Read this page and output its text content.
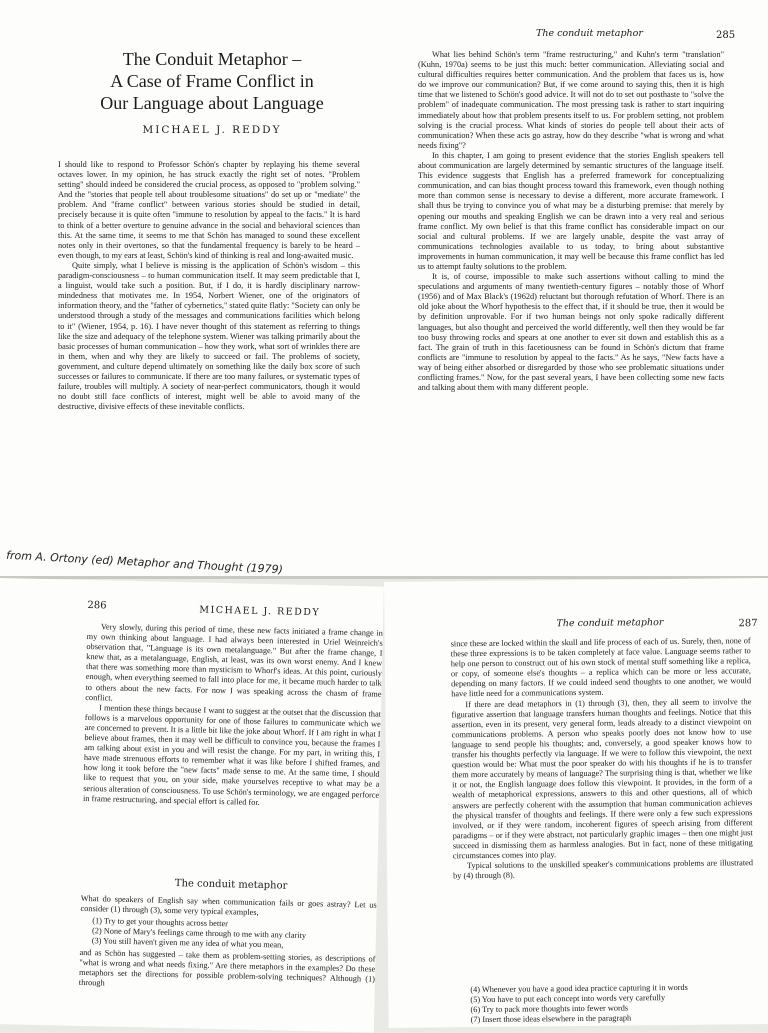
The Conduit Metaphor –
A Case of Frame Conflict in
Our Language about Language
MICHAEL J. REDDY

I should like to respond to Professor Schön's chapter by replaying his theme several octaves lower. In my opinion, he has struck exactly the right set of notes. "Problem setting" should indeed be considered the crucial process, as opposed to "problem solving." And the "stories that people tell about troublesome situations" do set up or "mediate" the problem. And "frame conflict" between various stories should be studied in detail, precisely because it is quite often "immune to resolution by appeal to the facts." It is hard to think of a better overture to genuine advance in the social and behavioral sciences than this. At the same time, it seems to me that Schön has managed to sound these excellent notes only in their overtones, so that the fundamental frequency is barely to be heard – even though, to my ears at least, Schön's kind of thinking is real and long-awaited music.

Quite simply, what I believe is missing is the application of Schön's wisdom – this paradigm-consciousness – to human communication itself. It may seem predictable that I, a linguist, would take such a position. But, if I do, it is hardly disciplinary narrow-mindedness that motivates me. In 1954, Norbert Wiener, one of the originators of information theory, and the "father of cybernetics," stated quite flatly: "Society can only be understood through a study of the messages and communications facilities which belong to it" (Wiener, 1954, p. 16). I have never thought of this statement as referring to things like the size and adequacy of the telephone system. Wiener was talking primarily about the basic processes of human communication – how they work, what sort of wrinkles there are in them, when and why they are likely to succeed or fail. The problems of society, government, and culture depend ultimately on something like the daily box score of such successes or failures to communicate. If there are too many failures, or systematic types of failure, troubles will multiply. A society of near-perfect communicators, though it would no doubt still face conflicts of interest, might well be able to avoid many of the destructive, divisive effects of these inevitable conflicts.

from A. Ortony (ed) Metaphor and Thought (1979)
The conduit metaphor	285

What lies behind Schön's term "frame restructuring," and Kuhn's term "translation" (Kuhn, 1970a) seems to be just this much: better communication. Alleviating social and cultural difficulties requires better communication. And the problem that faces us is, how do we improve our communication? But, if we come around to saying this, then it is high time that we listened to Schön's good advice. It will not do to set out posthaste to "solve the problem" of inadequate communication. The most pressing task is rather to start inquiring immediately about how that problem presents itself to us. For problem setting, not problem solving is the crucial process. What kinds of stories do people tell about their acts of communication? When these acts go astray, how do they describe "what is wrong and what needs fixing"?

In this chapter, I am going to present evidence that the stories English speakers tell about communication are largely determined by semantic structures of the language itself. This evidence suggests that English has a preferred framework for conceptualizing communication, and can bias thought process toward this framework, even though nothing more than common sense is necessary to devise a different, more accurate framework. I shall thus be trying to convince you of what may be a disturbing premise: that merely by opening our mouths and speaking English we can be drawn into a very real and serious frame conflict. My own belief is that this frame conflict has considerable impact on our social and cultural problems. If we are largely unable, despite the vast array of communications technologies available to us today, to bring about substantive improvements in human communication, it may well be because this frame conflict has led us to attempt faulty solutions to the problem.

It is, of course, impossible to make such assertions without calling to mind the speculations and arguments of many twentieth-century figures – notably those of Whorf (1956) and of Max Black's (1962d) reluctant but thorough refutation of Whorf. There is an old joke about the Whorf hypothesis to the effect that, if it should be true, then it would be by definition unprovable. For if two human beings not only spoke radically different languages, but also thought and perceived the world differently, well then they would be far too busy throwing rocks and spears at one another to ever sit down and establish this as a fact. The grain of truth in this facetiousness can be found in Schön's dictum that frame conflicts are "immune to resolution by appeal to the facts." As he says, "New facts have a way of being either absorbed or disregarded by those who see problematic situations under conflicting frames." Now, for the past several years, I have been collecting some new facts and talking about them with many different people.

286	MICHAEL J. REDDY

Very slowly, during this period of time, these new facts initiated a frame change in my own thinking about language. I had always been interested in Uriel Weinreich's observation that, "Language is its own metalanguage." But after the frame change, I knew that, as a metalanguage, English, at least, was its own worst enemy. And I knew that there was something more than mysticism to Whorf's ideas. At this point, curiously enough, when everything seemed to fall into place for me, it became much harder to talk to others about the new facts. For now I was speaking across the chasm of frame conflict.

I mention these things because I want to suggest at the outset that the discussion that follows is a marvelous opportunity for one of those failures to communicate which we are concerned to prevent. It is a little bit like the joke about Whorf. If I am right in what I believe about frames, then it may well be difficult to convince you, because the frames I am talking about exist in you and will resist the change. For my part, in writing this, I have made strenuous efforts to remember what it was like before I shifted frames, and how long it took before the "new facts" made sense to me. At the same time, I should like to request that you, on your side, make yourselves receptive to what may be a serious alteration of consciousness. To use Schön's terminology, we are engaged perforce in frame restructuring, and special effort is called for.

The conduit metaphor

What do speakers of English say when communication fails or goes astray? Let us consider (1) through (3), some very typical examples,

(1) Try to get your thoughts across better
(2) None of Mary's feelings came through to me with any clarity
(3) You still haven't given me any idea of what you mean,

and as Schön has suggested – take them as problem-setting stories, as descriptions of "what is wrong and what needs fixing." Are there metaphors in the examples? Do these metaphors set the directions for possible problem-solving techniques? Although (1) through

The conduit metaphor	287

since these are locked within the skull and life process of each of us. Surely, then, none of these three expressions is to be taken completely at face value. Language seems rather to help one person to construct out of his own stock of mental stuff something like a replica, or copy, of someone else's thoughts – a replica which can be more or less accurate, depending on many factors. If we could indeed send thoughts to one another, we would have little need for a communications system.

If there are dead metaphors in (1) through (3), then, they all seem to involve the figurative assertion that language transfers human thoughts and feelings. Notice that this assertion, even in its present, very general form, leads already to a distinct viewpoint on communications problems. A person who speaks poorly does not know how to use language to send people his thoughts; and, conversely, a good speaker knows how to transfer his thoughts perfectly via language. If we were to follow this viewpoint, the next question would be: What must the poor speaker do with his thoughts if he is to transfer them more accurately by means of language? The surprising thing is that, whether we like it or not, the English language does follow this viewpoint. It provides, in the form of a wealth of metaphorical expressions, answers to this and other questions, all of which answers are perfectly coherent with the assumption that human communication achieves the physical transfer of thoughts and feelings. If there were only a few such expressions involved, or if they were random, incoherent figures of speech arising from different paradigms – or if they were abstract, not particularly graphic images – then one might just succeed in dismissing them as harmless analogies. But in fact, none of these mitigating circumstances comes into play.

Typical solutions to the unskilled speaker's communications problems are illustrated by (4) through (8).

(4) Whenever you have a good idea practice capturing it in words
(5) You have to put each concept into words very carefully
(6) Try to pack more thoughts into fewer words
(7) Insert those ideas elsewhere in the paragraph
